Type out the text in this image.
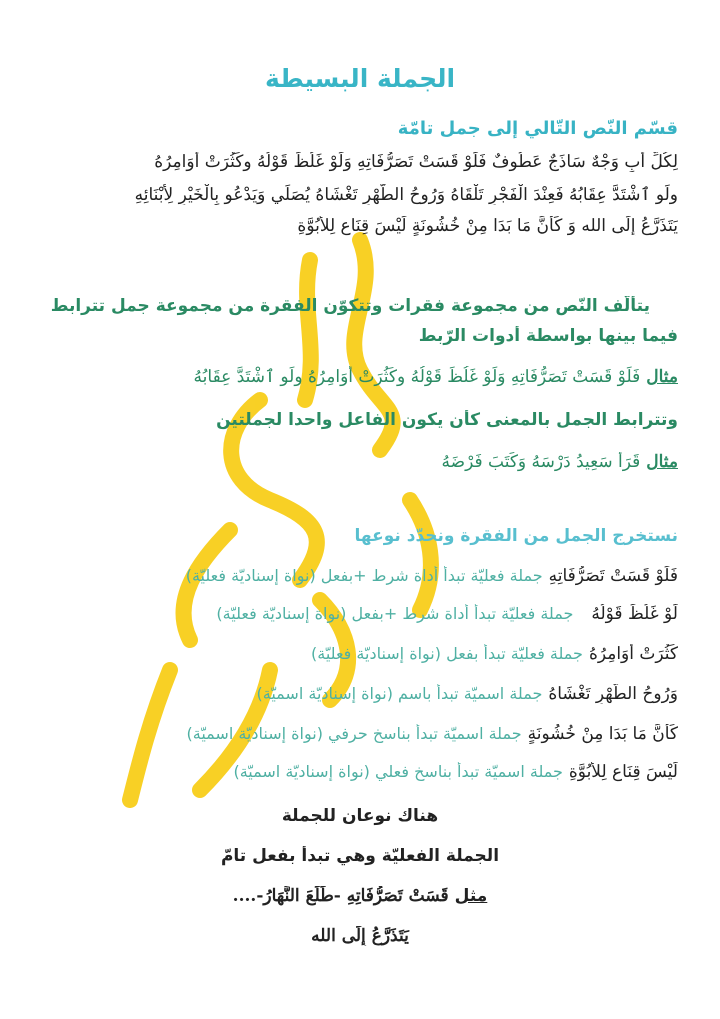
الجملة البسيطة
قسّم النّص التّالي إلى جمل تامّة
لِكُلِّ أَبٍ وَجْهٌ سَاذَجٌ عَطُوفٌ فَلَوْ قَسَتْ تَصَرُّفَاتِهِ وَلَوْ غَلُظَ قَوْلُهُ وكَثُرَتْ أَوَامِرُهُ
ولَو ٱشْتَدَّ عِقَابُهُ فَعِنْدَ الْفَجْرِ تَلْقَاهُ وَرُوحُ الطُّهْرِ تَغْشَاهُ يُصَلِّي وَيَدْعُو بِالْخَيْرِ لِأَبْنَائِهِ
يَتَذَرَّعُ إِلَى الله وَ كَأَنَّ مَا بَدَا مِنْ خُشُونَةٍ لَيْسَ قِنَاعٍ لِلأُبُوَّةِ
يتألّف النّص من مجموعة فقرات وتتكوّن الفقرة من مجموعة جمل تترابط
فيما بينها بواسطة أدوات الرّبط
مثالفَلَوْ قَسَتْ تَصَرُّفَاتِهِ وَلَوْ غَلُظَ قَوْلُهُ وكَثُرَتْ أَوَامِرُهُ ولَو ٱشْتَدَّ عِقَابُهُ
وتترابط الجمل بالمعنى كأن يكون الفاعل واحدا لجملتين
مثالقَرَأَ سَعِيدُ دَرْسَهُ وَكَتَبَ فَرْضَهُ
نستخرج الجمل من الفقرة ونحدّد نوعها
فَلَوْ قَسَتْ تَصَرُّفَاتِهِجملة فعليّة تبدأ أداة شرط +بفعل (نواة إسناديّة فعليّة)
لَوْ غَلُظَ قَوْلُهُجملة فعليّة تبدأ أداة شرط +بفعل (نواة إسناديّة فعليّة)
كَثُرَتْ أَوَامِرُهُجملة فعليّة تبدأ بفعل (نواة إسناديّة فعليّة)
وَرُوحُ الطُّهْرِ تَغْشَاهُجملة اسميّة تبدأ باسم (نواة إسناديّة اسميّة)
كَأَنَّ مَا بَدَا مِنْ خُشُونَةٍجملة اسميّة تبدأ بناسخ حرفي (نواة إسناديّة اسميّة)
لَيْسَ قِنَاعٍ لِلأُبُوَّةِجملة اسميّة تبدأ بناسخ فعلي (نواة إسناديّة اسميّة)
هناك نوعان للجملة
الجملة الفعليّة وهي تبدأ بفعل تامّ
مثلقَسَتْ تَصَرُّفَاتِهِ -طَلَعَ النَّهَارُ-....
يَتَذَرَّعُ إِلَى الله
